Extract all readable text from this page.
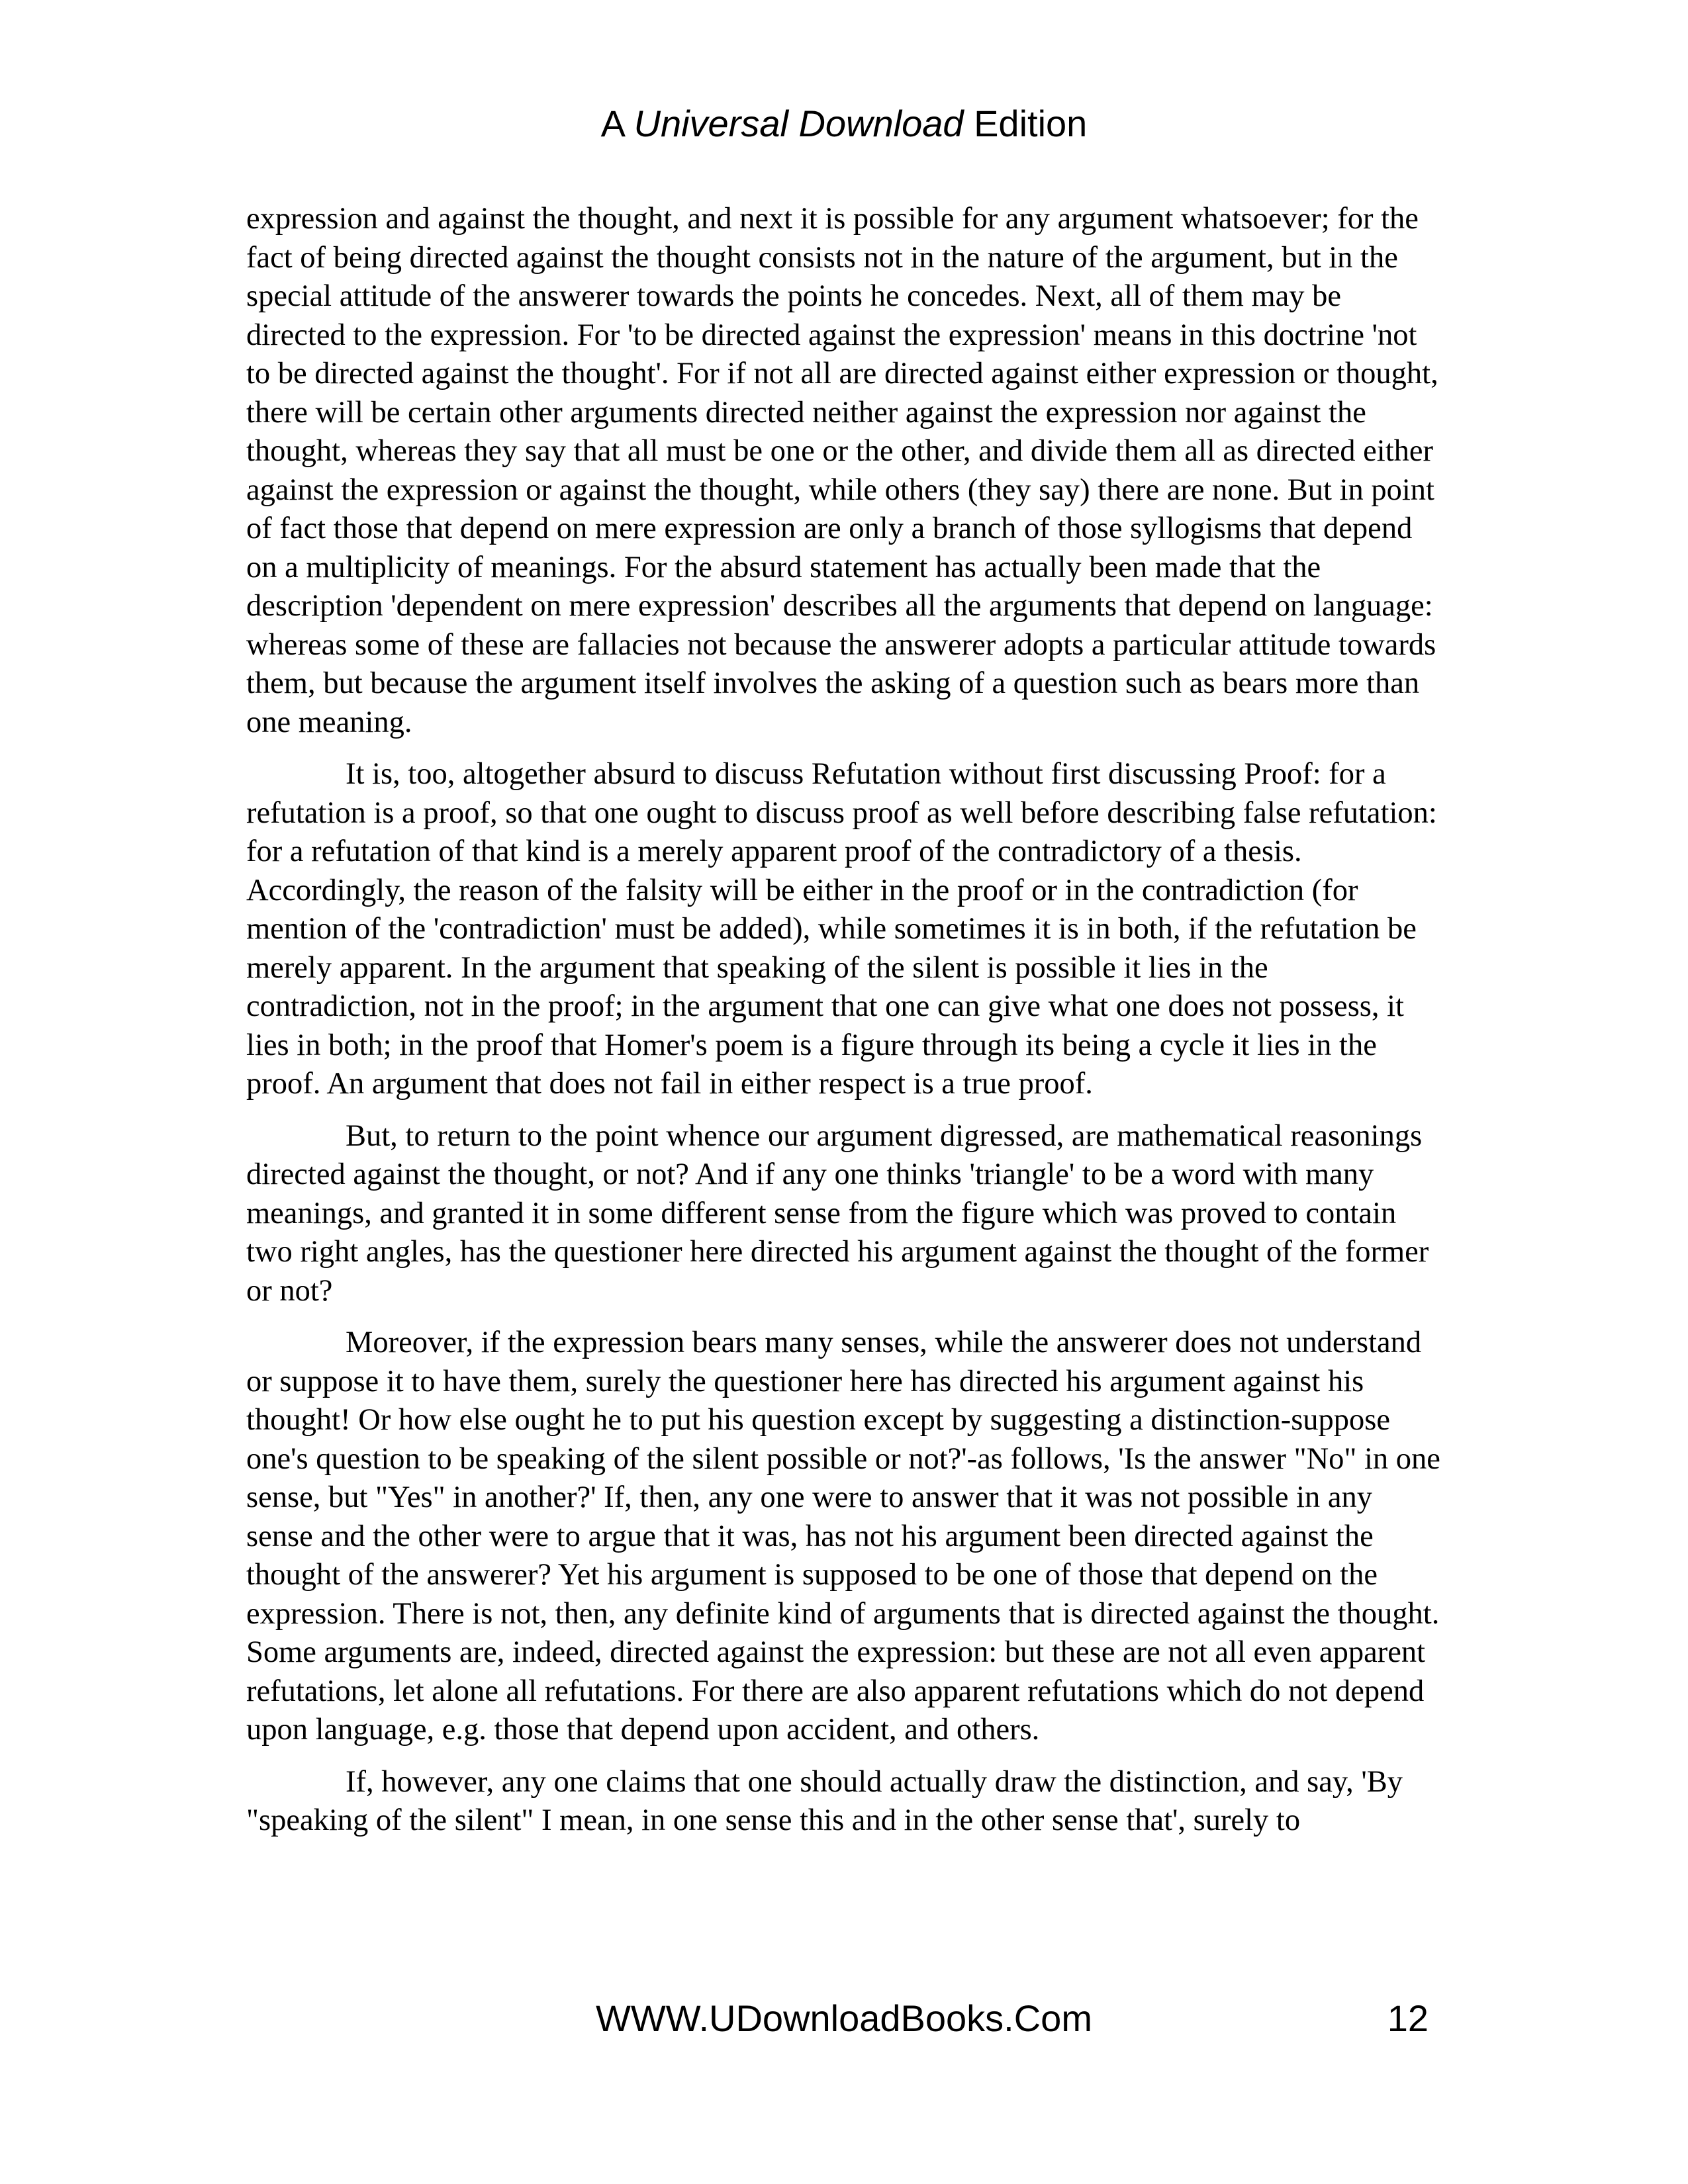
A Universal Download Edition

expression and against the thought, and next it is possible for any argument whatsoever; for the fact of being directed against the thought consists not in the nature of the argument, but in the special attitude of the answerer towards the points he concedes. Next, all of them may be directed to the expression. For 'to be directed against the expression' means in this doctrine 'not to be directed against the thought'. For if not all are directed against either expression or thought, there will be certain other arguments directed neither against the expression nor against the thought, whereas they say that all must be one or the other, and divide them all as directed either against the expression or against the thought, while others (they say) there are none. But in point of fact those that depend on mere expression are only a branch of those syllogisms that depend on a multiplicity of meanings. For the absurd statement has actually been made that the description 'dependent on mere expression' describes all the arguments that depend on language: whereas some of these are fallacies not because the answerer adopts a particular attitude towards them, but because the argument itself involves the asking of a question such as bears more than one meaning.

It is, too, altogether absurd to discuss Refutation without first discussing Proof: for a refutation is a proof, so that one ought to discuss proof as well before describing false refutation: for a refutation of that kind is a merely apparent proof of the contradictory of a thesis. Accordingly, the reason of the falsity will be either in the proof or in the contradiction (for mention of the 'contradiction' must be added), while sometimes it is in both, if the refutation be merely apparent. In the argument that speaking of the silent is possible it lies in the contradiction, not in the proof; in the argument that one can give what one does not possess, it lies in both; in the proof that Homer's poem is a figure through its being a cycle it lies in the proof. An argument that does not fail in either respect is a true proof.

But, to return to the point whence our argument digressed, are mathematical reasonings directed against the thought, or not? And if any one thinks 'triangle' to be a word with many meanings, and granted it in some different sense from the figure which was proved to contain two right angles, has the questioner here directed his argument against the thought of the former or not?

Moreover, if the expression bears many senses, while the answerer does not understand or suppose it to have them, surely the questioner here has directed his argument against his thought! Or how else ought he to put his question except by suggesting a distinction-suppose one's question to be speaking of the silent possible or not?'-as follows, 'Is the answer "No" in one sense, but "Yes" in another?' If, then, any one were to answer that it was not possible in any sense and the other were to argue that it was, has not his argument been directed against the thought of the answerer? Yet his argument is supposed to be one of those that depend on the expression. There is not, then, any definite kind of arguments that is directed against the thought. Some arguments are, indeed, directed against the expression: but these are not all even apparent refutations, let alone all refutations. For there are also apparent refutations which do not depend upon language, e.g. those that depend upon accident, and others.

If, however, any one claims that one should actually draw the distinction, and say, 'By "speaking of the silent" I mean, in one sense this and in the other sense that', surely to

WWW.UDownloadBooks.Com	12
